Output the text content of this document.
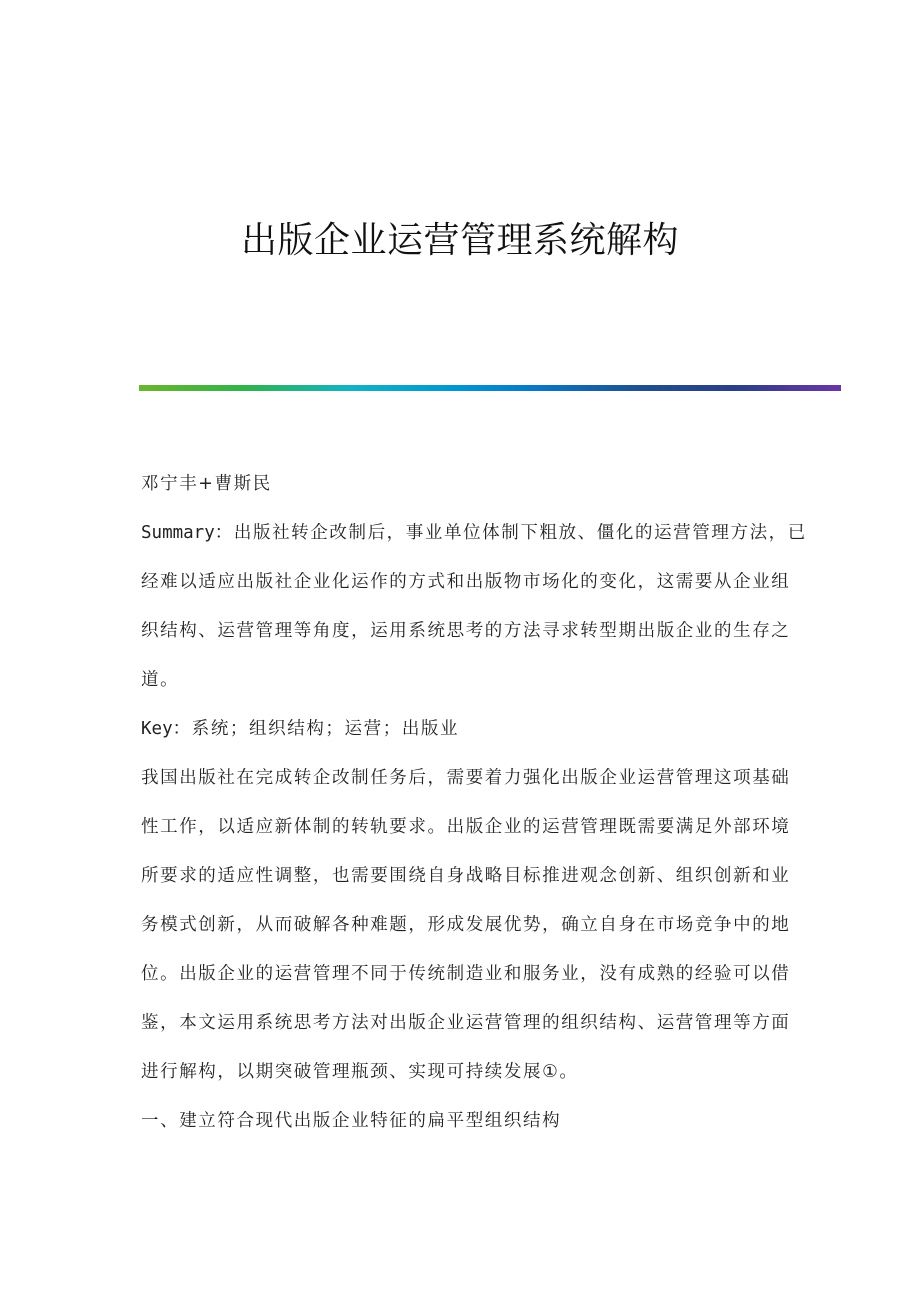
出版企业运营管理系统解构
邓宁丰+曹斯民
Summary：出版社转企改制后，事业单位体制下粗放、僵化的运营管理方法，已
经难以适应出版社企业化运作的方式和出版物市场化的变化，这需要从企业组
织结构、运营管理等角度，运用系统思考的方法寻求转型期出版企业的生存之
道。
Key：系统；组织结构；运营；出版业
我国出版社在完成转企改制任务后，需要着力强化出版企业运营管理这项基础
性工作，以适应新体制的转轨要求。出版企业的运营管理既需要满足外部环境
所要求的适应性调整，也需要围绕自身战略目标推进观念创新、组织创新和业
务模式创新，从而破解各种难题，形成发展优势，确立自身在市场竞争中的地
位。出版企业的运营管理不同于传统制造业和服务业，没有成熟的经验可以借
鉴，本文运用系统思考方法对出版企业运营管理的组织结构、运营管理等方面
进行解构，以期突破管理瓶颈、实现可持续发展①。
一、建立符合现代出版企业特征的扁平型组织结构
